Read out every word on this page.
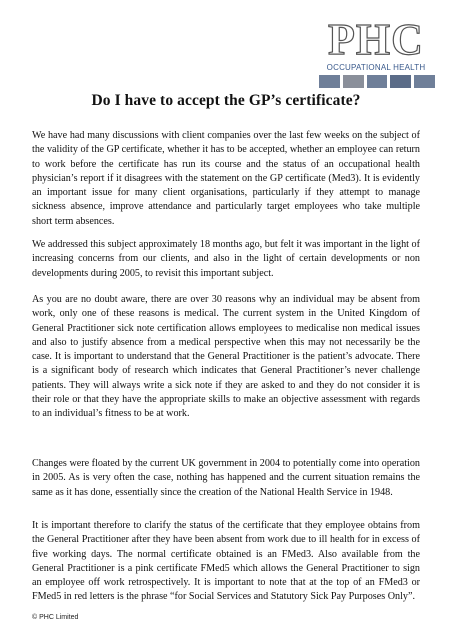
PHC
OCCUPATIONAL HEALTH
Do I have to accept the GP’s certificate?

We have had many discussions with client companies over the last few weeks on the subject of the validity of the GP certificate, whether it has to be accepted, whether an employee can return to work before the certificate has run its course and the status of an occupational health physician’s report if it disagrees with the statement on the GP certificate (Med3). It is evidently an important issue for many client organisations, particularly if they attempt to manage sickness absence, improve attendance and particularly target employees who take multiple short term absences.

We addressed this subject approximately 18 months ago, but felt it was important in the light of increasing concerns from our clients, and also in the light of certain developments or non developments during 2005, to revisit this important subject.

As you are no doubt aware, there are over 30 reasons why an individual may be absent from work, only one of these reasons is medical. The current system in the United Kingdom of General Practitioner sick note certification allows employees to medicalise non medical issues and also to justify absence from a medical perspective when this may not necessarily be the case. It is important to understand that the General Practitioner is the patient’s advocate. There is a significant body of research which indicates that General Practitioner’s never challenge patients. They will always write a sick note if they are asked to and they do not consider it is their role or that they have the appropriate skills to make an objective assessment with regards to an individual’s fitness to be at work.

Changes were floated by the current UK government in 2004 to potentially come into operation in 2005. As is very often the case, nothing has happened and the current situation remains the same as it has done, essentially since the creation of the National Health Service in 1948.

It is important therefore to clarify the status of the certificate that they employee obtains from the General Practitioner after they have been absent from work due to ill health for in excess of five working days. The normal certificate obtained is an FMed3. Also available from the General Practitioner is a pink certificate FMed5 which allows the General Practitioner to sign an employee off work retrospectively. It is important to note that at the top of an FMed3 or FMed5 in red letters is the phrase “for Social Services and Statutory Sick Pay Purposes Only”.

© PHC Limited
